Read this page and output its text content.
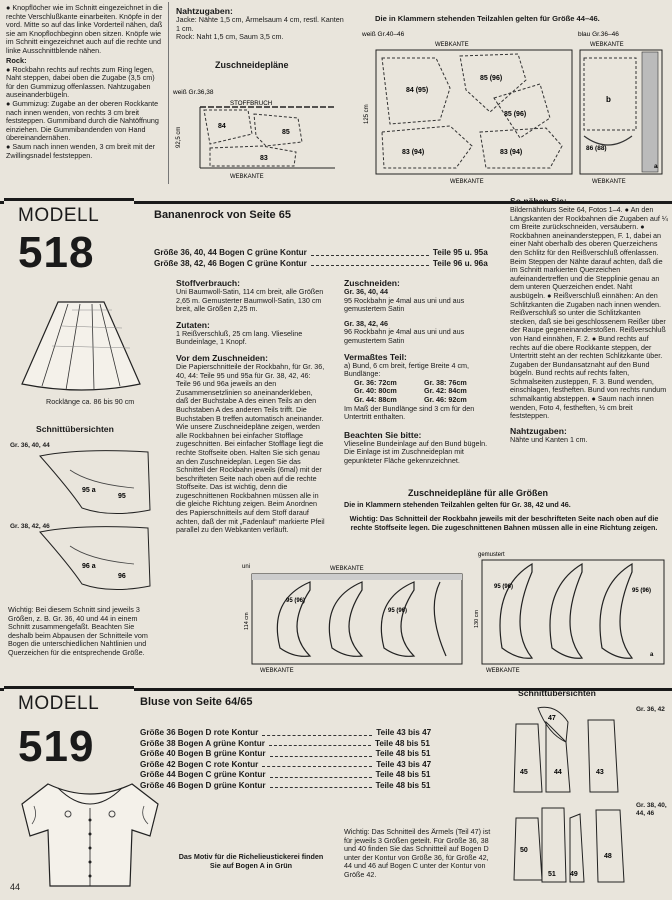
● Knopflöcher wie im Schnitt eingezeichnet in die rechte Verschlußkante einarbeiten. Knöpfe in der vord. Mitte so auf das linke Vorderteil nähen, daß sie am Knopflochbeginn oben sitzen. Knöpfe wie im Schnitt eingezeichnet auch auf die rechte und linke Ausschnittblende nähen.
Rock:
● Rockbahn rechts auf rechts zum Ring legen, Naht steppen, dabei oben die Zugabe (3,5 cm) für den Gummizug offenlassen. Nahtzugaben auseinanderbügeln.
● Gummizug: Zugabe an der oberen Rockkante nach innen wenden, von rechts 3 cm breit feststeppen. Gummiband durch die Nahtöffnung einziehen. Die Gummibandenden von Hand übereinandernähen.
● Saum nach innen wenden, 3 cm breit mit der Zwillingsnadel feststeppen.
Nahtzugaben:
Jacke: Nähte 1,5 cm, Ärmelsaum 4 cm, restl. Kanten 1 cm.
Rock: Naht 1,5 cm, Saum 3,5 cm.
Zuschneidepläne
Die in Klammern stehenden Teilzahlen gelten für Größe 44–46.
weiß Gr.36,38
STOFFBRUCH
92,5 cm
84
85
83
WEBKANTE
weiß Gr.40–46
WEBKANTE
125 cm
84 (95)
85 (96)
85 (96)
83 (94)	83 (94)
WEBKANTE
blau Gr.36–46
WEBKANTE
b
86 (88)
a
WEBKANTE
MODELL
518
Bananenrock von Seite 65
Größe 36, 40, 44 Bogen C grüne Kontur	Teile 95 u. 95a
Größe 38, 42, 46 Bogen C grüne Kontur	Teile 96 u. 96a
Rocklänge ca. 86 bis 90 cm
Schnittübersichten
Gr. 36, 40, 44
95 a
95
Gr. 38, 42, 46
96 a
96
Wichtig: Bei diesem Schnitt sind jeweils 3 Größen, z. B. Gr. 36, 40 und 44 in einem Schnitt zusammengefaßt. Beachten Sie deshalb beim Abpausen der Schnitteile vom Bogen die unterschiedlichen Nahtlinien und Querzeichen für die entsprechende Größe.
Stoffverbrauch:
Uni Baumwoll-Satin, 114 cm breit, alle Größen 2,65 m. Gemusterter Baumwoll-Satin, 130 cm breit, alle Größen 2,25 m.
Zutaten:
1 Reißverschluß, 25 cm lang. Vlieseline Bundeinlage, 1 Knopf.
Vor dem Zuschneiden:
Die Papierschnitteile der Rockbahn, für Gr. 36, 40, 44: Teile 95 und 95a für Gr. 38, 42, 46: Teile 96 und 96a jeweils an den Zusammensetzlinien so aneinanderkleben, daß der Buchstabe A des einen Teils an den Buchstaben A des anderen Teils trifft. Die Buchstaben B treffen automatisch aneinander. Wie unsere Zuschneidepläne zeigen, werden alle Rockbahnen bei einfacher Stofflage zugeschnitten. Bei einfacher Stofflage liegt die rechte Stoffseite oben. Halten Sie sich genau an den Zuschneideplan. Legen Sie das Schnitteil der Rockbahn jeweils (6mal) mit der beschrifteten Seite nach oben auf die rechte Stoffseite. Das ist wichtig, denn die zugeschnittenen Rockbahnen müssen alle in die gleiche Richtung zeigen. Beim Anordnen des Papierschnitteils auf dem Stoff darauf achten, daß der mit „Fadenlauf“ markierte Pfeil parallel zu den Webkanten verläuft.
Zuschneiden:
Gr. 36, 40, 44
95 Rockbahn je 4mal aus uni und aus gemustertem Satin
Gr. 38, 42, 46
96 Rockbahn je 4mal aus uni und aus gemustertem Satin
Vermaßtes Teil:
a) Bund, 6 cm breit, fertige Breite 4 cm, Bundlänge:
Gr. 36: 72cm	Gr. 38: 76cm
Gr. 40: 80cm	Gr. 42: 84cm
Gr. 44: 88cm	Gr. 46: 92cm
Im Maß der Bundlänge sind 3 cm für den Untertritt enthalten.
Beachten Sie bitte:
Vlieseline Bundeinlage auf den Bund bügeln. Die Einlage ist im Zuschneideplan mit gepunkteter Fläche gekennzeichnet.
So nähen Sie:
Bildernährkurs Seite 64, Fotos 1–4. ● An den Längskanten der Rockbahnen die Zugaben auf ¼ cm Breite zurückschneiden, versäubern. ● Rockbahnen aneinandersteppen, F. 1, dabei an einer Naht oberhalb des oberen Querzeichens den Schlitz für den Reißverschluß offenlassen. Beim Steppen der Nähte darauf achten, daß die im Schnitt markierten Querzeichen aufeinandertreffen und die Stepplinie genau an dem unteren Querzeichen endet. Naht ausbügeln. ● Reißverschluß einnähen: An den Schlitzkanten die Zugaben nach innen wenden. Reißverschluß so unter die Schlitzkanten stecken, daß sie bei geschlossenem Reißer über der Raupe gegeneinanderstoßen. Reißverschluß von Hand einnähen, F. 2. ● Bund rechts auf rechts auf die obere Rockkante steppen, der Untertritt steht an der rechten Schlitzkante über. Zugaben der Bundansatznaht auf den Bund bügeln. Bund rechts auf rechts falten, Schmalseiten zusteppen, F. 3. Bund wenden, einschlagen, festheften. Bund von rechts rundum schmalkantig absteppen. ● Saum nach innen wenden, Foto 4, festheften, ½ cm breit feststeppen.
Nahtzugaben:
Nähte und Kanten 1 cm.
Zuschneidepläne für alle Größen
Die in Klammern stehenden Teilzahlen gelten für Gr. 38, 42 und 46.
Wichtig: Das Schnitteil der Rockbahn jeweils mit der beschrifteten Seite nach oben auf die rechte Stoffseite legen. Die zugeschnittenen Bahnen müssen alle in eine Richtung zeigen.
uni	WEBKANTE
114 cm
95 (96)
95 (96)
WEBKANTE
gemustert
130 cm
95 (96)
95 (96)
a
WEBKANTE
MODELL
519
Bluse von Seite 64/65
Größe 36 Bogen D rote Kontur	Teile 43 bis 47
Größe 38 Bogen A grüne Kontur	Teile 48 bis 51
Größe 40 Bogen B grüne Kontur	Teile 48 bis 51
Größe 42 Bogen C rote Kontur	Teile 43 bis 47
Größe 44 Bogen C grüne Kontur	Teile 48 bis 51
Größe 46 Bogen D grüne Kontur	Teile 48 bis 51
Das Motiv für die Richelieustickerei finden Sie auf Bogen A in Grün
Wichtig: Das Schnitteil des Ärmels (Teil 47) ist für jeweils 3 Größen geteilt. Für Größe 36, 38 und 40 finden Sie das Schnittteil auf Bogen D unter der Kontur von Größe 36, für Größe 42, 44 und 46 auf Bogen C unter der Kontur von Größe 42.
Schnittübersichten
Gr. 36, 42
Gr. 38, 40, 44, 46
47
45	44	43
50
51 49
48
44
